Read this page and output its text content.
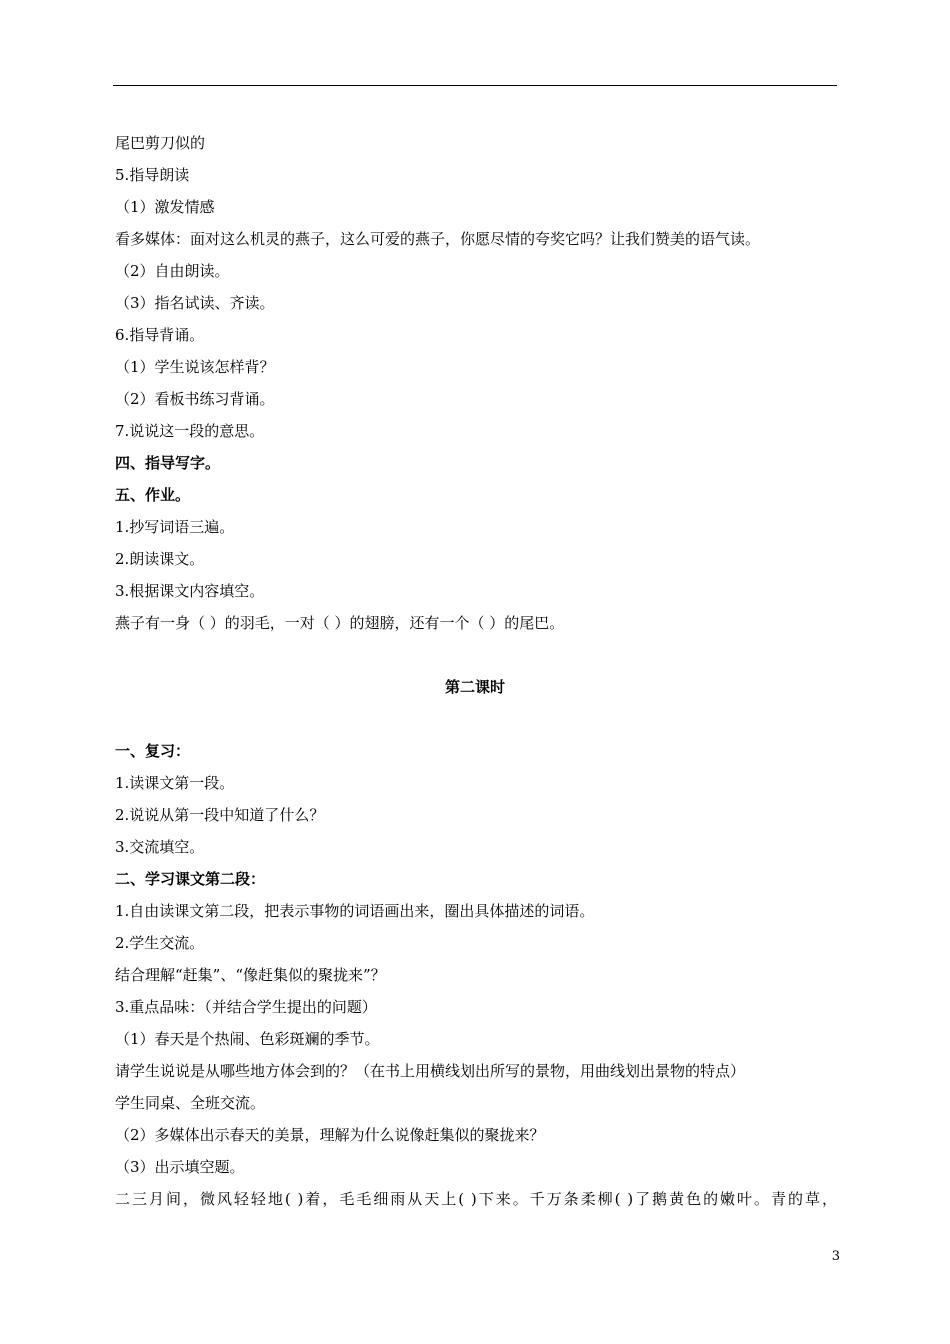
尾巴剪刀似的
5.指导朗读
（1）激发情感
看多媒体：面对这么机灵的燕子，这么可爱的燕子，你愿尽情的夸奖它吗？让我们赞美的语气读。
（2）自由朗读。
（3）指名试读、齐读。
6.指导背诵。
（1）学生说该怎样背？
（2）看板书练习背诵。
7.说说这一段的意思。
四、指导写字。
五、作业。
1.抄写词语三遍。
2.朗读课文。
3.根据课文内容填空。
燕子有一身（ ）的羽毛，一对（ ）的翅膀，还有一个（ ）的尾巴。
第二课时
一、复习：
1.读课文第一段。
2.说说从第一段中知道了什么？
3.交流填空。
二、学习课文第二段：
1.自由读课文第二段，把表示事物的词语画出来，圈出具体描述的词语。
2.学生交流。
结合理解“赶集”、“像赶集似的聚拢来”？
3.重点品味：（并结合学生提出的问题）
（1）春天是个热闹、色彩斑斓的季节。
请学生说说是从哪些地方体会到的？（在书上用横线划出所写的景物，用曲线划出景物的特点）
学生同桌、全班交流。
（2）多媒体出示春天的美景，理解为什么说像赶集似的聚拢来？
（3）出示填空题。
二三月间，微风轻轻地( )着，毛毛细雨从天上( )下来。千万条柔柳( )了鹅黄色的嫩叶。青的草，
3
